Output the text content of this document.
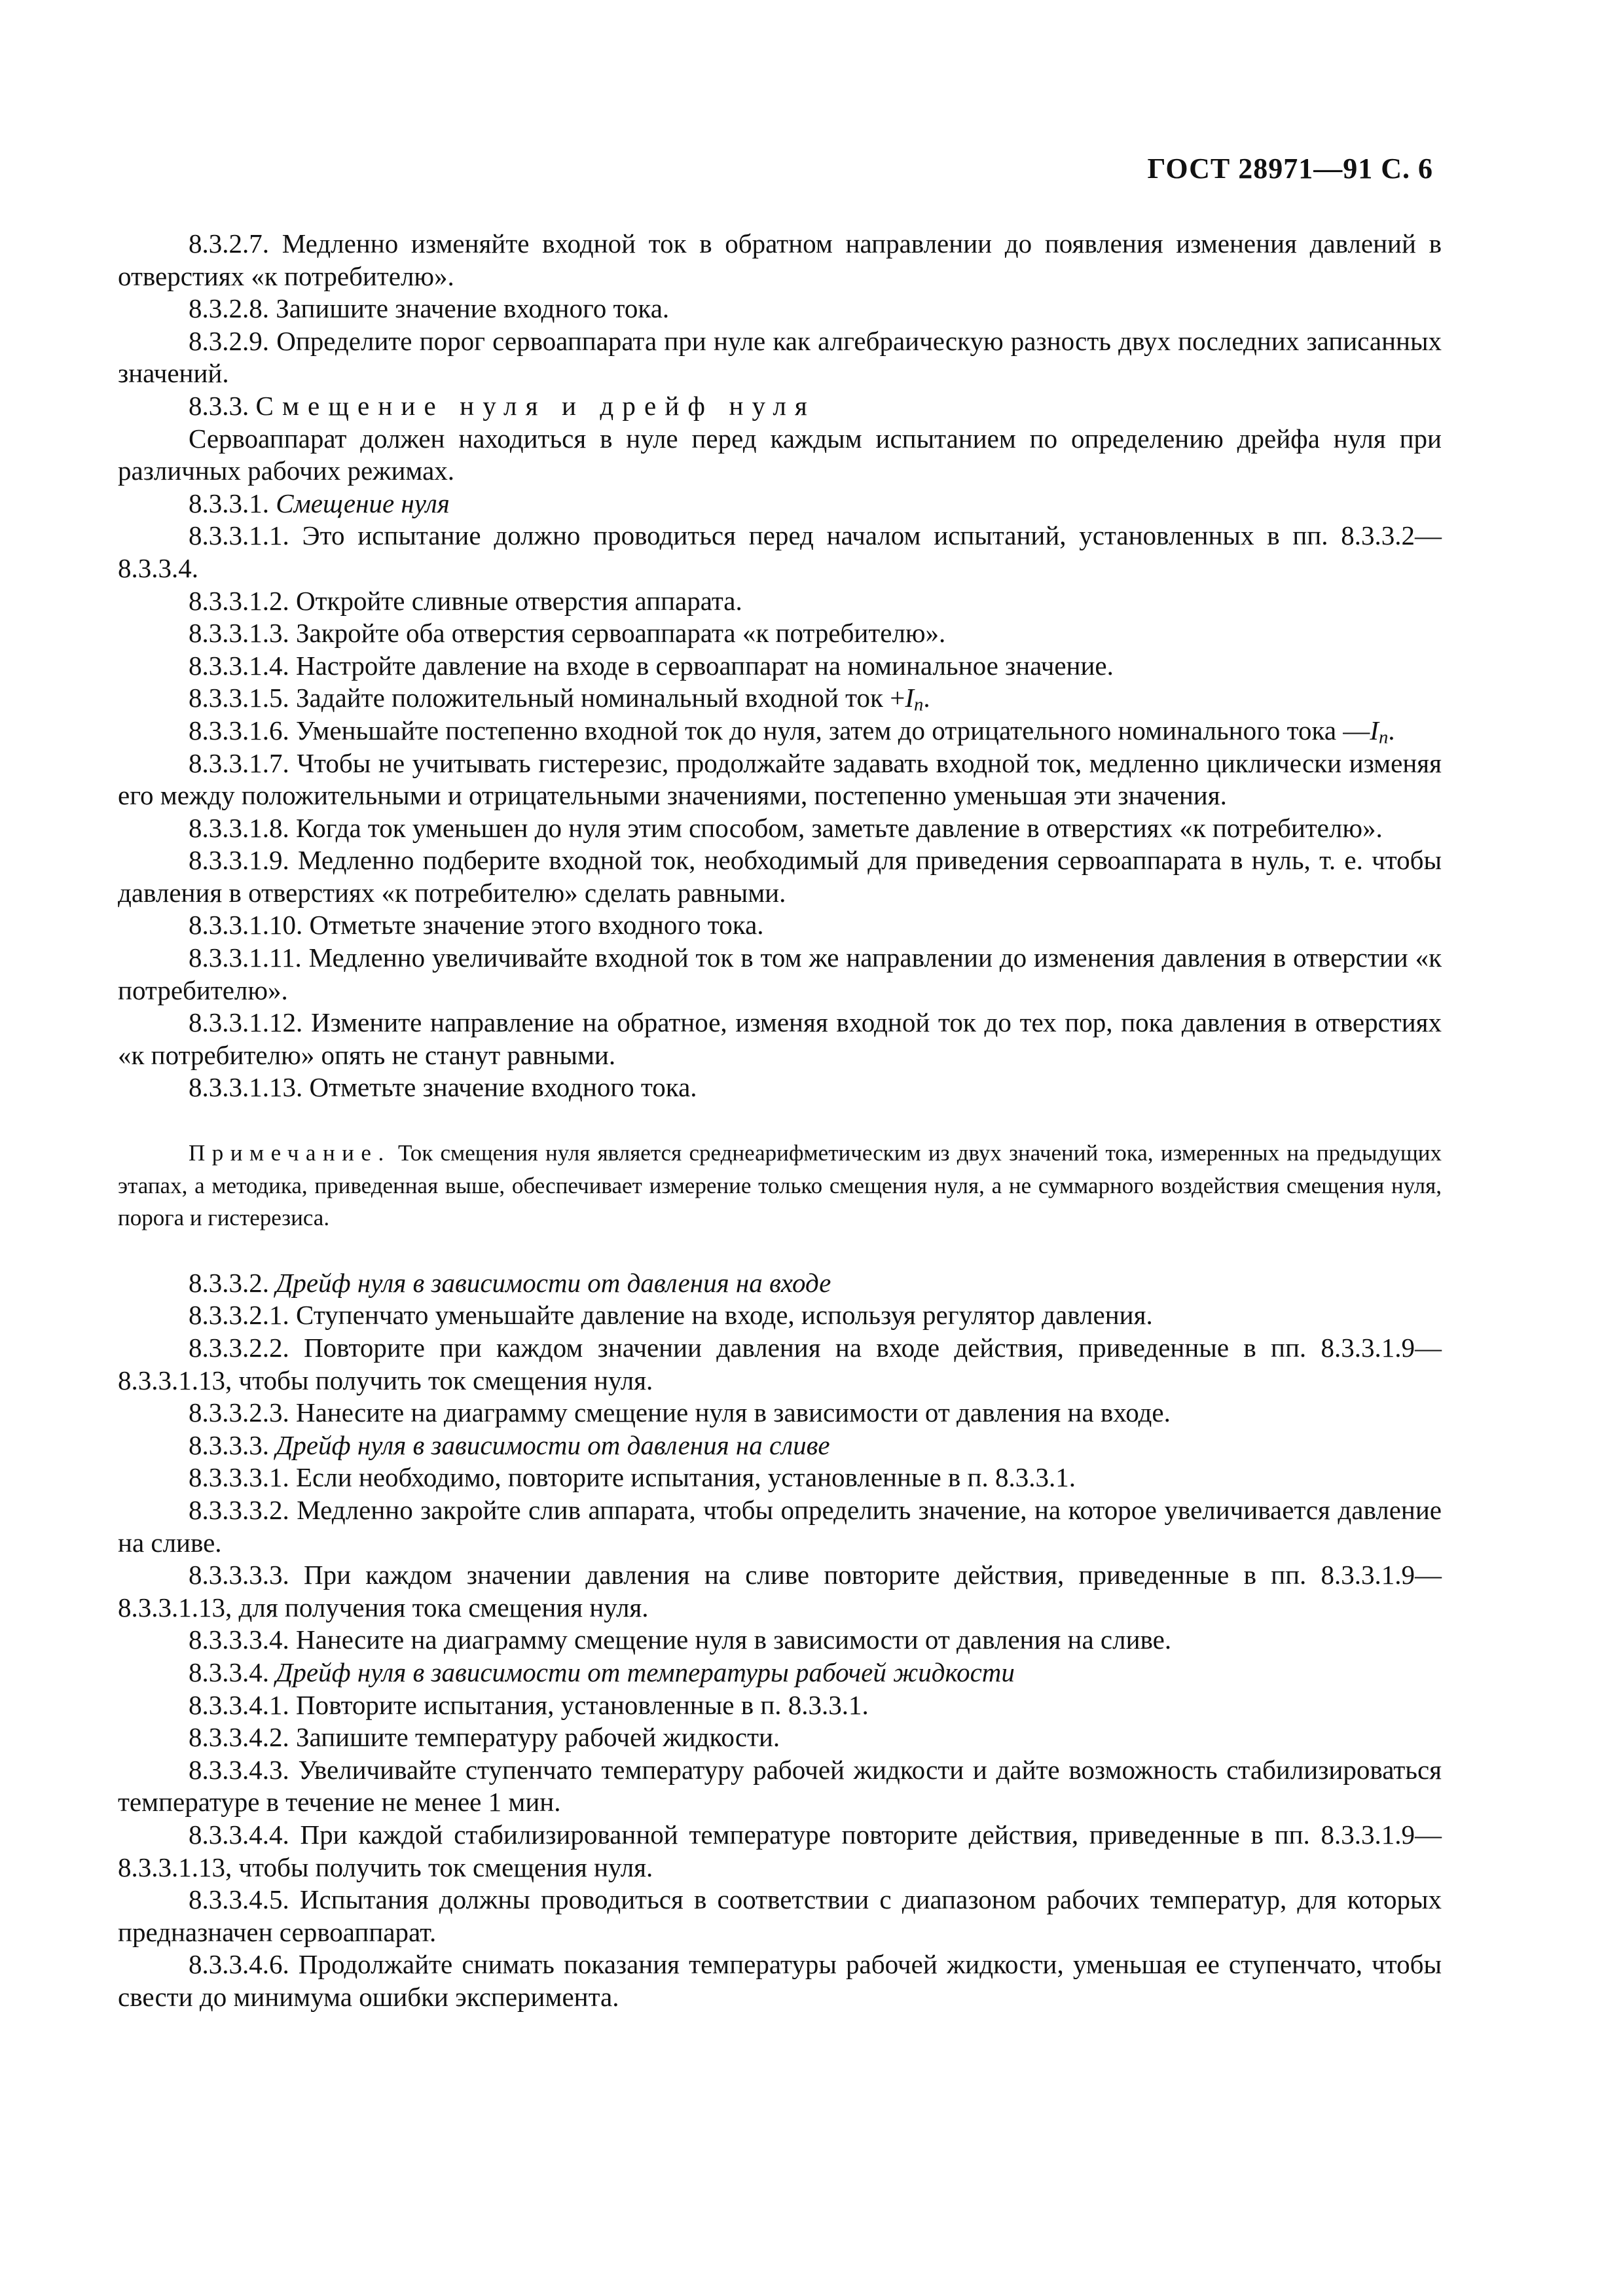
ГОСТ 28971—91 С. 6

8.3.2.7. Медленно изменяйте входной ток в обратном направлении до появления изменения давлений в отверстиях «к потребителю».

8.3.2.8. Запишите значение входного тока.

8.3.2.9. Определите порог сервоаппарата при нуле как алгебраическую разность двух последних записанных значений.

8.3.3. Смещение нуля и дрейф нуля

Сервоаппарат должен находиться в нуле перед каждым испытанием по определению дрейфа нуля при различных рабочих режимах.

8.3.3.1. Смещение нуля

8.3.3.1.1. Это испытание должно проводиться перед началом испытаний, установленных в пп. 8.3.3.2—8.3.3.4.

8.3.3.1.2. Откройте сливные отверстия аппарата.

8.3.3.1.3. Закройте оба отверстия сервоаппарата «к потребителю».

8.3.3.1.4. Настройте давление на входе в сервоаппарат на номинальное значение.

8.3.3.1.5. Задайте положительный номинальный входной ток $+I_n$.

8.3.3.1.6. Уменьшайте постепенно входной ток до нуля, затем до отрицательного номинального тока $—I_n$.

8.3.3.1.7. Чтобы не учитывать гистерезис, продолжайте задавать входной ток, медленно циклически изменяя его между положительными и отрицательными значениями, постепенно уменьшая эти значения.

8.3.3.1.8. Когда ток уменьшен до нуля этим способом, заметьте давление в отверстиях «к потребителю».

8.3.3.1.9. Медленно подберите входной ток, необходимый для приведения сервоаппарата в нуль, т. е. чтобы давления в отверстиях «к потребителю» сделать равными.

8.3.3.1.10. Отметьте значение этого входного тока.

8.3.3.1.11. Медленно увеличивайте входной ток в том же направлении до изменения давления в отверстии «к потребителю».

8.3.3.1.12. Измените направление на обратное, изменяя входной ток до тех пор, пока давления в отверстиях «к потребителю» опять не станут равными.

8.3.3.1.13. Отметьте значение входного тока.

Примечание. Ток смещения нуля является среднеарифметическим из двух значений тока, измеренных на предыдущих этапах, а методика, приведенная выше, обеспечивает измерение только смещения нуля, а не суммарного воздействия смещения нуля, порога и гистерезиса.

8.3.3.2. Дрейф нуля в зависимости от давления на входе

8.3.3.2.1. Ступенчато уменьшайте давление на входе, используя регулятор давления.

8.3.3.2.2. Повторите при каждом значении давления на входе действия, приведенные в пп. 8.3.3.1.9—8.3.3.1.13, чтобы получить ток смещения нуля.

8.3.3.2.3. Нанесите на диаграмму смещение нуля в зависимости от давления на входе.

8.3.3.3. Дрейф нуля в зависимости от давления на сливе

8.3.3.3.1. Если необходимо, повторите испытания, установленные в п. 8.3.3.1.

8.3.3.3.2. Медленно закройте слив аппарата, чтобы определить значение, на которое увеличивается давление на сливе.

8.3.3.3.3. При каждом значении давления на сливе повторите действия, приведенные в пп. 8.3.3.1.9—8.3.3.1.13, для получения тока смещения нуля.

8.3.3.3.4. Нанесите на диаграмму смещение нуля в зависимости от давления на сливе.

8.3.3.4. Дрейф нуля в зависимости от температуры рабочей жидкости

8.3.3.4.1. Повторите испытания, установленные в п. 8.3.3.1.

8.3.3.4.2. Запишите температуру рабочей жидкости.

8.3.3.4.3. Увеличивайте ступенчато температуру рабочей жидкости и дайте возможность стабилизироваться температуре в течение не менее 1 мин.

8.3.3.4.4. При каждой стабилизированной температуре повторите действия, приведенные в пп. 8.3.3.1.9—8.3.3.1.13, чтобы получить ток смещения нуля.

8.3.3.4.5. Испытания должны проводиться в соответствии с диапазоном рабочих температур, для которых предназначен сервоаппарат.

8.3.3.4.6. Продолжайте снимать показания температуры рабочей жидкости, уменьшая ее ступенчато, чтобы свести до минимума ошибки эксперимента.
